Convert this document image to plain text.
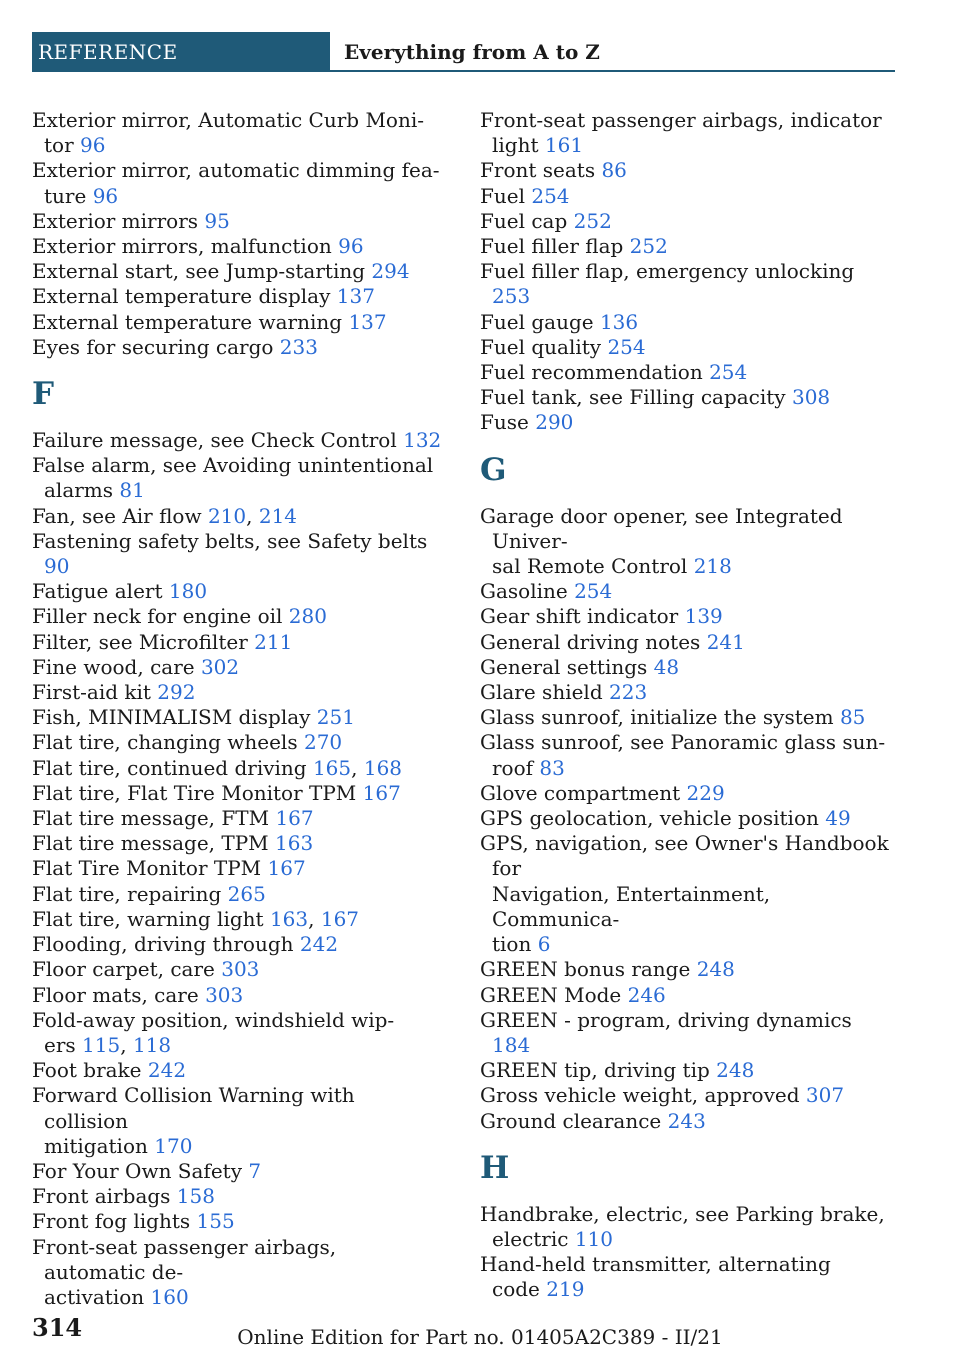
REFERENCE	Everything from A to Z
Exterior mirror, Automatic Curb Moni-
tor 96
Exterior mirror, automatic dimming fea-
ture 96
Exterior mirrors 95
Exterior mirrors, malfunction 96
External start, see Jump-starting 294
External temperature display 137
External temperature warning 137
Eyes for securing cargo 233
F
Failure message, see Check Control 132
False alarm, see Avoiding unintentional
alarms 81
Fan, see Air flow 210, 214
Fastening safety belts, see Safety belts 90
Fatigue alert 180
Filler neck for engine oil 280
Filter, see Microfilter 211
Fine wood, care 302
First-aid kit 292
Fish, MINIMALISM display 251
Flat tire, changing wheels 270
Flat tire, continued driving 165, 168
Flat tire, Flat Tire Monitor TPM 167
Flat tire message, FTM 167
Flat tire message, TPM 163
Flat Tire Monitor TPM 167
Flat tire, repairing 265
Flat tire, warning light 163, 167
Flooding, driving through 242
Floor carpet, care 303
Floor mats, care 303
Fold-away position, windshield wip-
ers 115, 118
Foot brake 242
Forward Collision Warning with collision
mitigation 170
For Your Own Safety 7
Front airbags 158
Front fog lights 155
Front-seat passenger airbags, automatic de-
activation 160
Front-seat passenger airbags, indicator
light 161
Front seats 86
Fuel 254
Fuel cap 252
Fuel filler flap 252
Fuel filler flap, emergency unlocking 253
Fuel gauge 136
Fuel quality 254
Fuel recommendation 254
Fuel tank, see Filling capacity 308
Fuse 290
G
Garage door opener, see Integrated Univer-
sal Remote Control 218
Gasoline 254
Gear shift indicator 139
General driving notes 241
General settings 48
Glare shield 223
Glass sunroof, initialize the system 85
Glass sunroof, see Panoramic glass sun-
roof 83
Glove compartment 229
GPS geolocation, vehicle position 49
GPS, navigation, see Owner's Handbook for
Navigation, Entertainment, Communica-
tion 6
GREEN bonus range 248
GREEN Mode 246
GREEN - program, driving dynamics 184
GREEN tip, driving tip 248
Gross vehicle weight, approved 307
Ground clearance 243
H
Handbrake, electric, see Parking brake,
electric 110
Hand-held transmitter, alternating
code 219
314	Online Edition for Part no. 01405A2C389 - II/21
